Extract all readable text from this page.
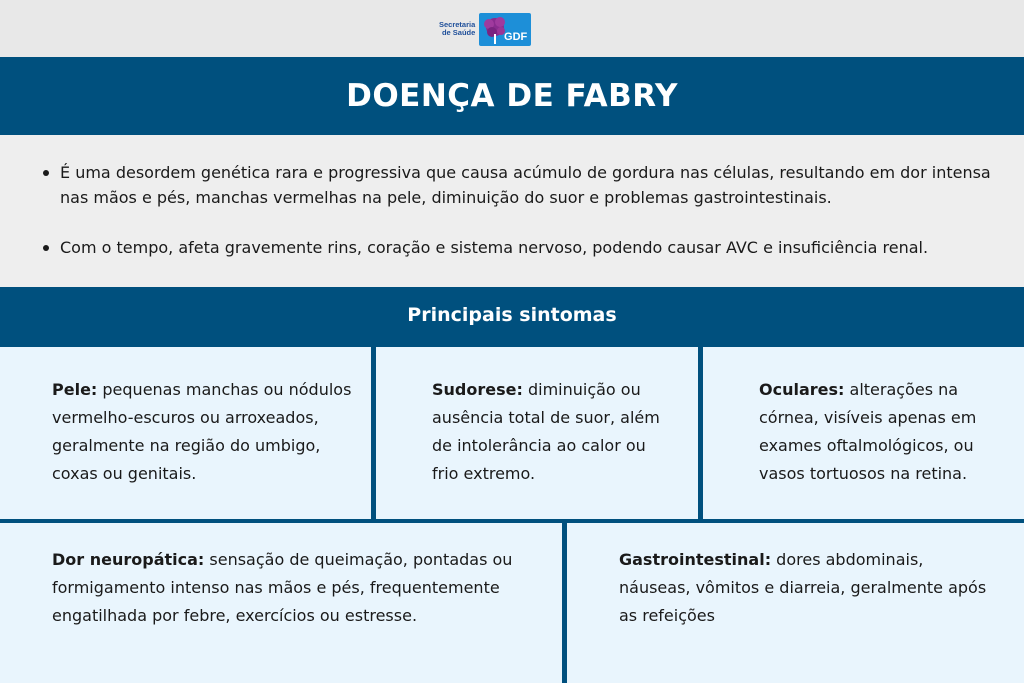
Secretaria
de Saúde	GDF
DOENÇA DE FABRY
É uma desordem genética rara e progressiva que causa acúmulo de gordura nas células, resultando em dor intensa nas mãos e pés, manchas vermelhas na pele, diminuição do suor e problemas gastrointestinais.
Com o tempo, afeta gravemente rins, coração e sistema nervoso, podendo causar AVC e insuficiência renal.
Principais sintomas

Pele: pequenas manchas ou nódulos vermelho-escuros ou arroxeados, geralmente na região do umbigo, coxas ou genitais.

Sudorese: diminuição ou ausência total de suor, além de intolerância ao calor ou frio extremo.

Oculares: alterações na córnea, visíveis apenas em exames oftalmológicos, ou vasos tortuosos na retina.

Dor neuropática: sensação de queimação, pontadas ou formigamento intenso nas mãos e pés, frequentemente engatilhada por febre, exercícios ou estresse.

Gastrointestinal: dores abdominais, náuseas, vômitos e diarreia, geralmente após as refeições
